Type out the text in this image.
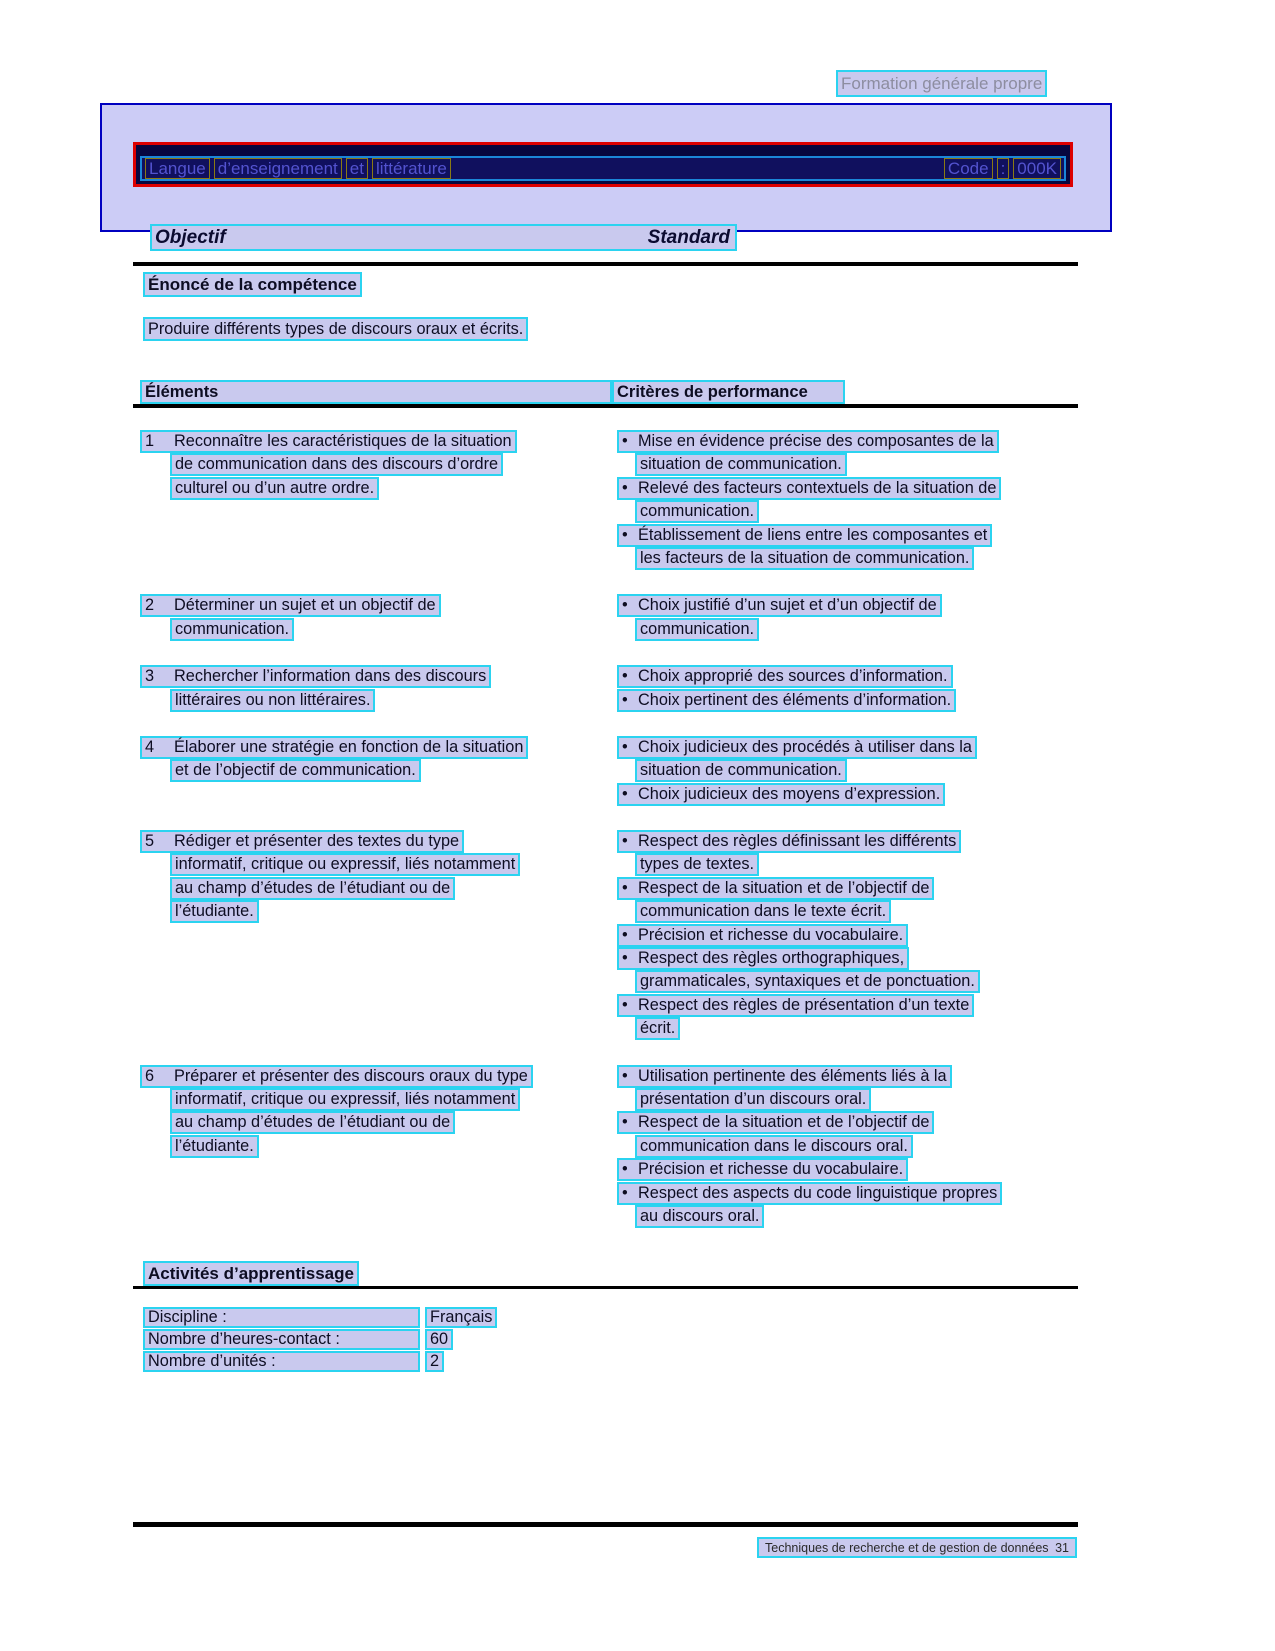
Formation générale propre
Langue d’enseignement et littérature	Code : 000K
Objectif	Standard
Énoncé de la compétence
Produire différents types de discours oraux et écrits.
Éléments	Critères de performance
1	Reconnaître les caractéristiques de la situation
de communication dans des discours d’ordre
culturel ou d’un autre ordre.
• Mise en évidence précise des composantes de la
situation de communication.
• Relevé des facteurs contextuels de la situation de
communication.
• Établissement de liens entre les composantes et
les facteurs de la situation de communication.
2	Déterminer un sujet et un objectif de
communication.
• Choix justifié d’un sujet et d’un objectif de
communication.
3	Rechercher l’information dans des discours
littéraires ou non littéraires.
• Choix approprié des sources d’information.
• Choix pertinent des éléments d’information.
4	Élaborer une stratégie en fonction de la situation
et de l’objectif de communication.
• Choix judicieux des procédés à utiliser dans la
situation de communication.
• Choix judicieux des moyens d’expression.
5	Rédiger et présenter des textes du type
informatif, critique ou expressif, liés notamment
au champ d’études de l’étudiant ou de
l’étudiante.
• Respect des règles définissant les différents
types de textes.
• Respect de la situation et de l’objectif de
communication dans le texte écrit.
• Précision et richesse du vocabulaire.
• Respect des règles orthographiques,
grammaticales, syntaxiques et de ponctuation.
• Respect des règles de présentation d’un texte
écrit.
6	Préparer et présenter des discours oraux du type
informatif, critique ou expressif, liés notamment
au champ d’études de l’étudiant ou de
l’étudiante.
• Utilisation pertinente des éléments liés à la
présentation d’un discours oral.
• Respect de la situation et de l’objectif de
communication dans le discours oral.
• Précision et richesse du vocabulaire.
• Respect des aspects du code linguistique propres
au discours oral.
Activités d’apprentissage
Discipline :	Français
Nombre d’heures-contact :	60
Nombre d’unités :	2
Techniques de recherche et de gestion de données 31
